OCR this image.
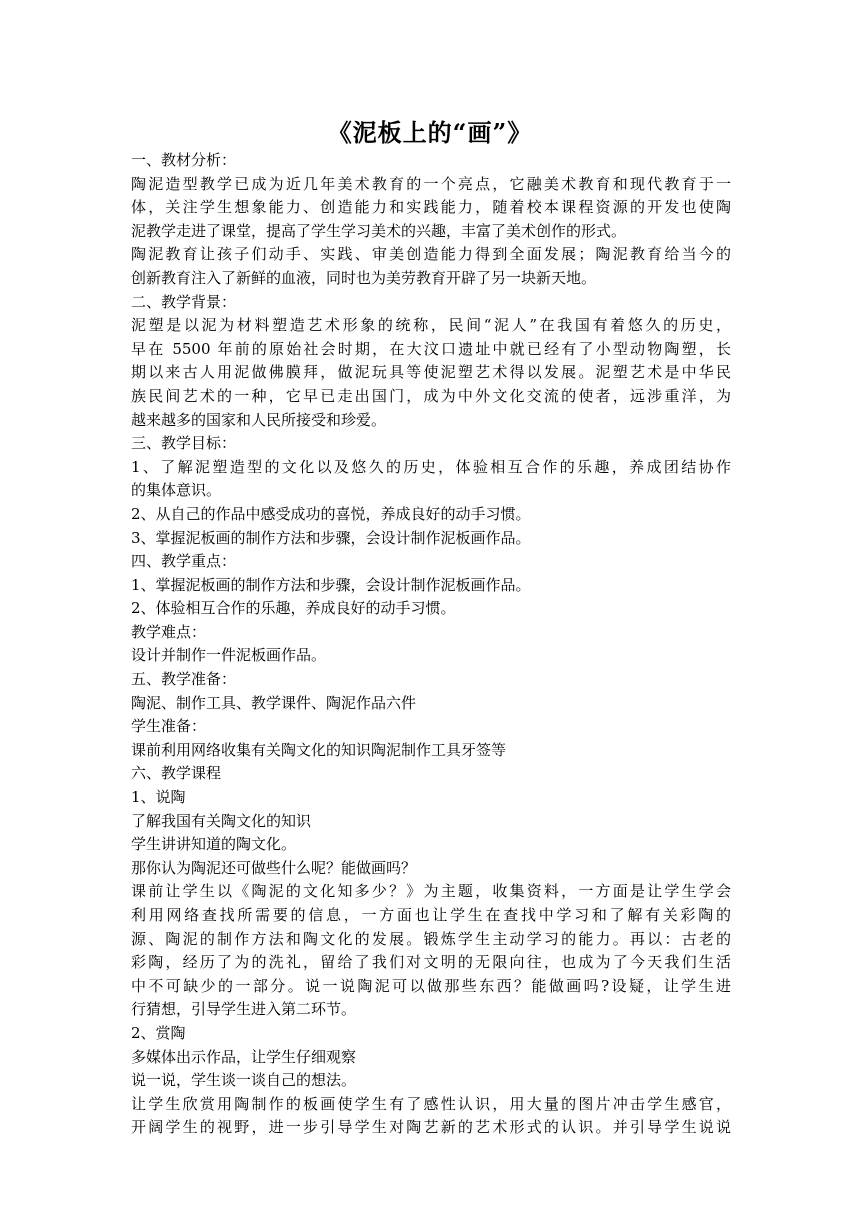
《泥板上的“画”》
一、教材分析：
陶泥造型教学已成为近几年美术教育的一个亮点，它融美术教育和现代教育于一
体，关注学生想象能力、创造能力和实践能力，随着校本课程资源的开发也使陶
泥教学走进了课堂，提高了学生学习美术的兴趣，丰富了美术创作的形式。
陶泥教育让孩子们动手、实践、审美创造能力得到全面发展；陶泥教育给当今的
创新教育注入了新鲜的血液，同时也为美劳教育开辟了另一块新天地。
二、教学背景：
泥塑是以泥为材料塑造艺术形象的统称，民间“泥人”在我国有着悠久的历史，
早在 5500 年前的原始社会时期，在大汶口遗址中就已经有了小型动物陶塑，长
期以来古人用泥做佛膜拜，做泥玩具等使泥塑艺术得以发展。泥塑艺术是中华民
族民间艺术的一种，它早已走出国门，成为中外文化交流的使者，远涉重洋，为
越来越多的国家和人民所接受和珍爱。
三、教学目标：
1、了解泥塑造型的文化以及悠久的历史，体验相互合作的乐趣，养成团结协作
的集体意识。
2、从自己的作品中感受成功的喜悦，养成良好的动手习惯。
3、掌握泥板画的制作方法和步骤，会设计制作泥板画作品。
四、教学重点：
1、掌握泥板画的制作方法和步骤，会设计制作泥板画作品。
2、体验相互合作的乐趣，养成良好的动手习惯。
教学难点：
设计并制作一件泥板画作品。
五、教学准备：
陶泥、制作工具、教学课件、陶泥作品六件
学生准备：
课前利用网络收集有关陶文化的知识陶泥制作工具牙签等
六、教学课程
1、说陶
了解我国有关陶文化的知识
学生讲讲知道的陶文化。
那你认为陶泥还可做些什么呢？能做画吗？
课前让学生以《陶泥的文化知多少？》为主题，收集资料，一方面是让学生学会
利用网络查找所需要的信息，一方面也让学生在查找中学习和了解有关彩陶的
源、陶泥的制作方法和陶文化的发展。锻炼学生主动学习的能力。再以：古老的
彩陶，经历了为的洗礼，留给了我们对文明的无限向往，也成为了今天我们生活
中不可缺少的一部分。说一说陶泥可以做那些东西？能做画吗?设疑，让学生进
行猜想，引导学生进入第二环节。
2、赏陶
多媒体出示作品，让学生仔细观察
说一说，学生谈一谈自己的想法。
让学生欣赏用陶制作的板画使学生有了感性认识，用大量的图片冲击学生感官，
开阔学生的视野，进一步引导学生对陶艺新的艺术形式的认识。并引导学生说说
